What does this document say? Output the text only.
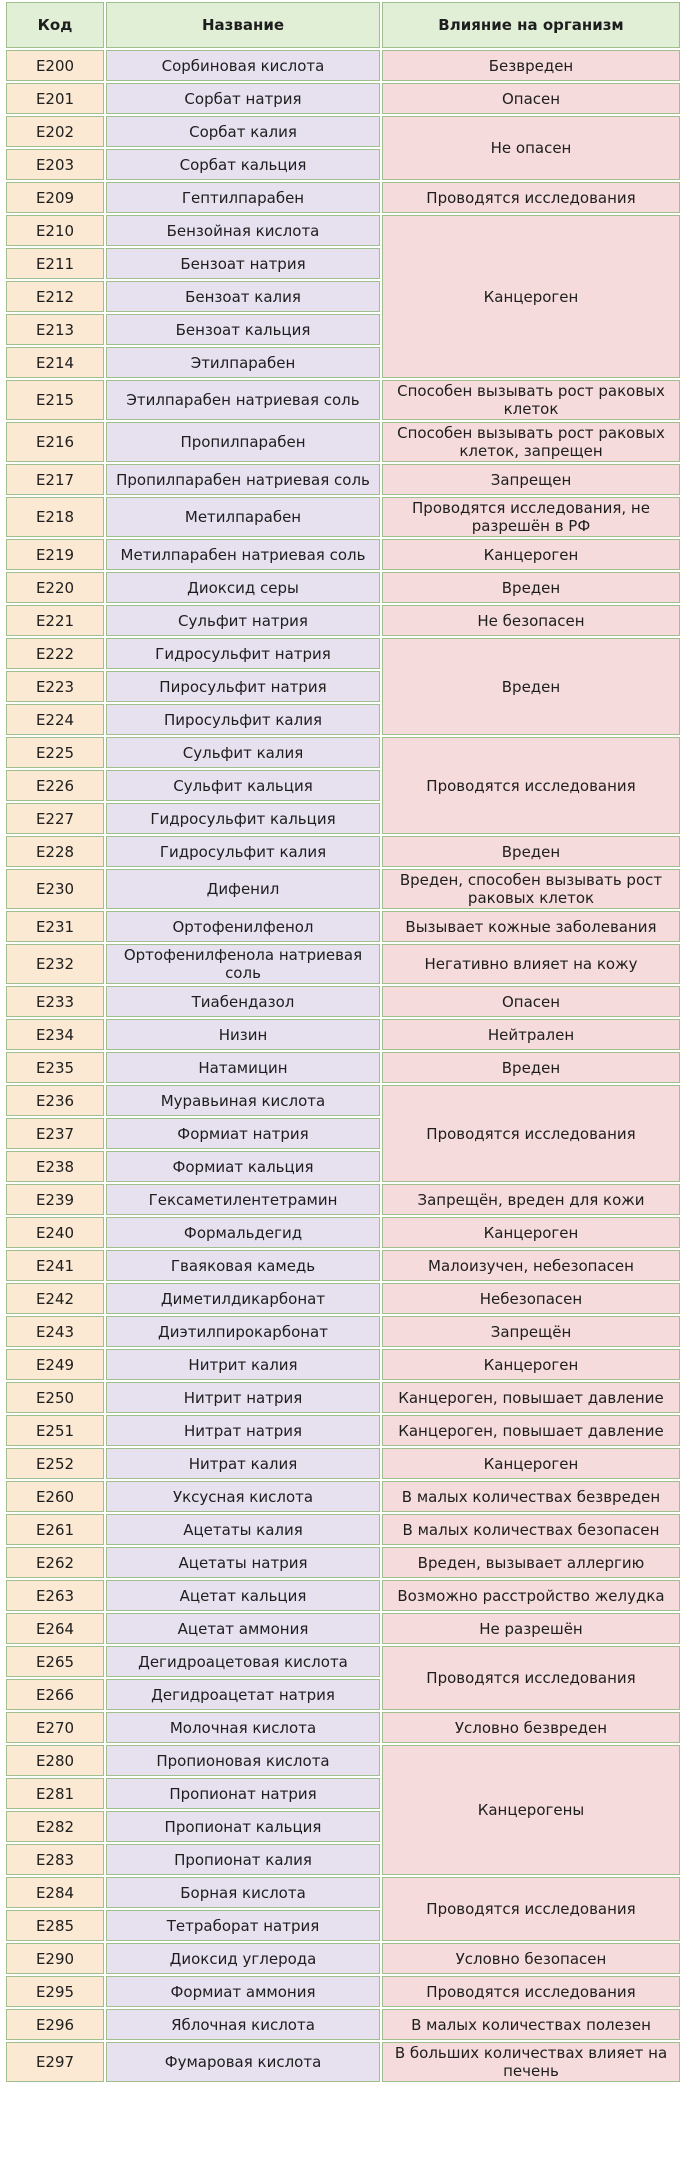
Код	Название	Влияние на организм
E200	Сорбиновая кислота	Безвреден
E201	Сорбат натрия	Опасен
E202	Сорбат калия	Не опасен
E203	Сорбат кальция	
E209	Гептилпарабен	Проводятся исследования
E210	Бензойная кислота	Канцероген
E211	Бензоат натрия	
E212	Бензоат калия	
E213	Бензоат кальция	
E214	Этилпарабен	
E215	Этилпарабен натриевая соль	Способен вызывать рост раковых клеток
E216	Пропилпарабен	Способен вызывать рост раковых клеток, запрещен
E217	Пропилпарабен натриевая соль	Запрещен
E218	Метилпарабен	Проводятся исследования, не разрешён в РФ
E219	Метилпарабен натриевая соль	Канцероген
E220	Диоксид серы	Вреден
E221	Сульфит натрия	Не безопасен
E222	Гидросульфит натрия	Вреден
E223	Пиросульфит натрия	
E224	Пиросульфит калия	
E225	Сульфит калия	Проводятся исследования
E226	Сульфит кальция	
E227	Гидросульфит кальция	
E228	Гидросульфит калия	Вреден
E230	Дифенил	Вреден, способен вызывать рост раковых клеток
E231	Ортофенилфенол	Вызывает кожные заболевания
E232	Ортофенилфенола натриевая соль	Негативно влияет на кожу
E233	Тиабендазол	Опасен
E234	Низин	Нейтрален
E235	Натамицин	Вреден
E236	Муравьиная кислота	Проводятся исследования
E237	Формиат натрия	
E238	Формиат кальция	
E239	Гексаметилентетрамин	Запрещён, вреден для кожи
E240	Формальдегид	Канцероген
E241	Гваяковая камедь	Малоизучен, небезопасен
E242	Диметилдикарбонат	Небезопасен
E243	Диэтилпирокарбонат	Запрещён
E249	Нитрит калия	Канцероген
E250	Нитрит натрия	Канцероген, повышает давление
E251	Нитрат натрия	Канцероген, повышает давление
E252	Нитрат калия	Канцероген
E260	Уксусная кислота	В малых количествах безвреден
E261	Ацетаты калия	В малых количествах безопасен
E262	Ацетаты натрия	Вреден, вызывает аллергию
E263	Ацетат кальция	Возможно расстройство желудка
E264	Ацетат аммония	Не разрешён
E265	Дегидроацетовая кислота	Проводятся исследования
E266	Дегидроацетат натрия	
E270	Молочная кислота	Условно безвреден
E280	Пропионовая кислота	Канцерогены
E281	Пропионат натрия	
E282	Пропионат кальция	
E283	Пропионат калия	
E284	Борная кислота	Проводятся исследования
E285	Тетраборат натрия	
E290	Диоксид углерода	Условно безопасен
E295	Формиат аммония	Проводятся исследования
E296	Яблочная кислота	В малых количествах полезен
E297	Фумаровая кислота	В больших количествах влияет на печень
